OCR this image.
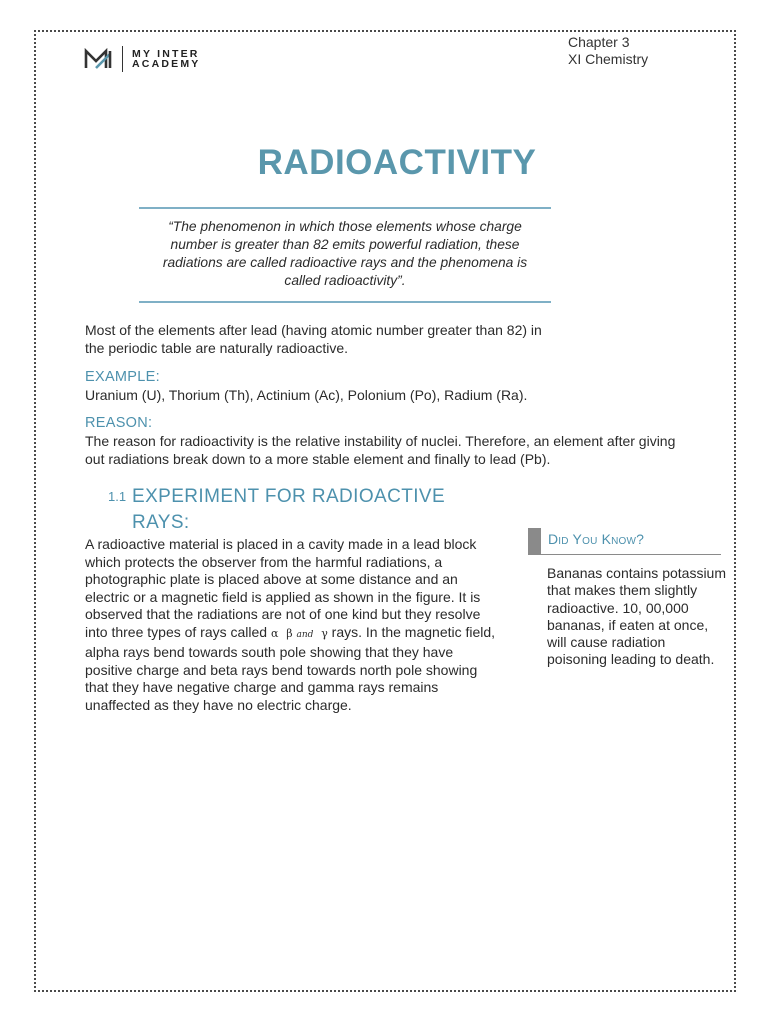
MY INTER
ACADEMY
Chapter 3
XI Chemistry
RADIOACTIVITY
“The phenomenon in which those elements whose charge number is greater than 82 emits powerful radiation, these radiations are called radioactive rays and the phenomena is called radioactivity”.
Most of the elements after lead (having atomic number greater than 82) in the periodic table are naturally radioactive.
EXAMPLE:
Uranium (U), Thorium (Th), Actinium (Ac), Polonium (Po), Radium (Ra).
REASON:
The reason for radioactivity is the relative instability of nuclei. Therefore, an element after giving out radiations break down to a more stable element and finally to lead (Pb).
1.1 EXPERIMENT FOR RADIOACTIVE RAYS:
A radioactive material is placed in a cavity made in a lead block which protects the observer from the harmful radiations, a photographic plate is placed above at some distance and an electric or a magnetic field is applied as shown in the figure. It is observed that the radiations are not of one kind but they resolve into three types of rays called α β and γ rays. In the magnetic field, alpha rays bend towards south pole showing that they have positive charge and beta rays bend towards north pole showing that they have negative charge and gamma rays remains unaffected as they have no electric charge.
Did You Know?
Bananas contains potassium that makes them slightly radioactive. 10, 00,000 bananas, if eaten at once, will cause radiation poisoning leading to death.
